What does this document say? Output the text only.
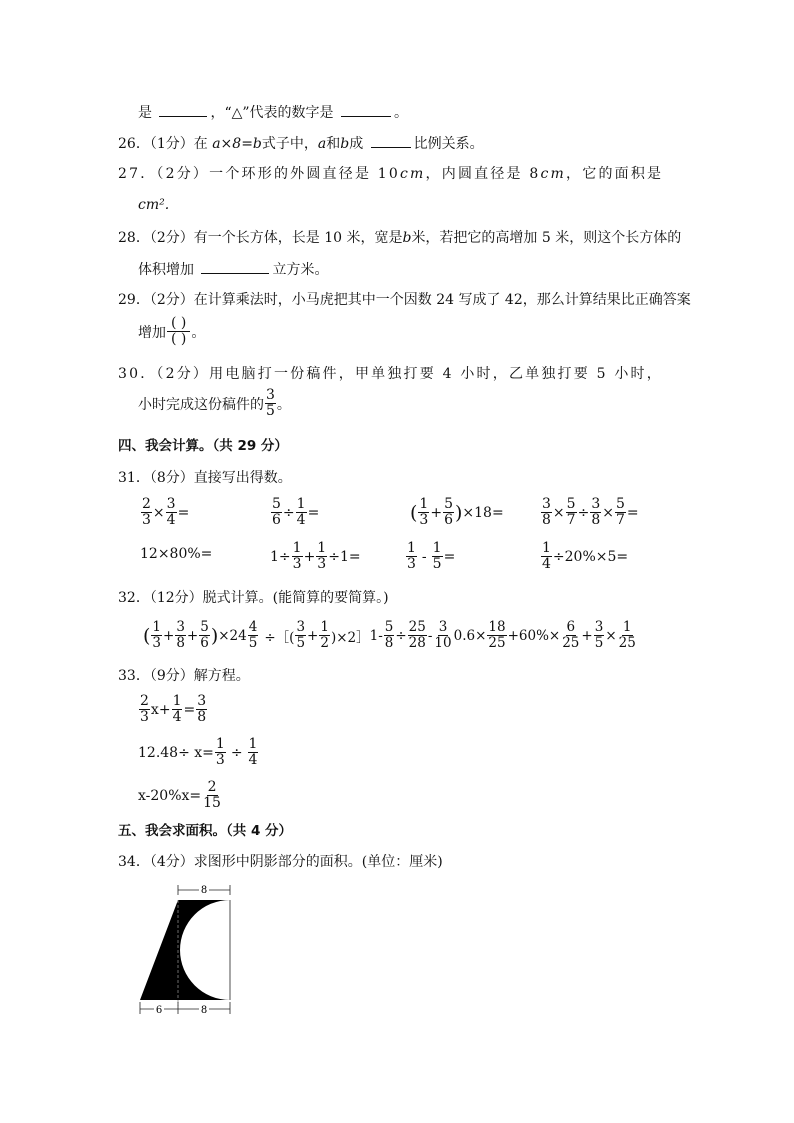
是	，“△”代表的数字是	。
26．（1分）在 a×8=b式子中，a和b成	比例关系。
27．（2分）一个环形的外圆直径是 10cm，内圆直径是 8cm，它的面积是
cm².
28．（2分）有一个长方体，长是 10 米，宽是b米，若把它的高增加 5 米，则这个长方体的
体积增加	立方米。
29．（2分）在计算乘法时，小马虎把其中一个因数 24 写成了 42，那么计算结果比正确答案
增加 $\frac{( )}{( )}$ 。
30．（2分）用电脑打一份稿件，甲单独打要 4 小时，乙单独打要 5 小时，
小时完成这份稿件的 $\frac{3}{5}$ 。
四、我会计算。（共 29 分）
31．（8分）直接写出得数。
$\frac{2}{3} \times \frac{3}{4}$ =	$\frac{5}{6} \div \frac{1}{4}$ =	( $\frac{1}{3} + \frac{5}{6}$ ) ×18=	$\frac{3}{8} \times \frac{5}{7} \div \frac{3}{8} \times \frac{5}{7}$ =
12×80%=	$1\div \frac{1}{3} + \frac{1}{3} \div 1=$	$\frac{1}{3} - \frac{1}{5}$ =	$\frac{1}{4} \div 20\%\times 5=$
32．（12分）脱式计算。(能简算的要简算。)
( $\frac{1}{3} + \frac{3}{8} + \frac{5}{6}$ ) $\times 24 \frac{4}{5}$ ÷［( $\frac{3}{5} + \frac{1}{2}$ )×2］ $1- \frac{5}{8} \div \frac{25}{28} - \frac{3}{10} 0.6\times \frac{18}{25} +60\%\times \frac{6}{25} + \frac{3}{5} \times \frac{1}{25}$
33．（9分）解方程。
$\frac{2}{3} x+ \frac{1}{4} = \frac{3}{8}$
$12.48\div x= \frac{1}{3} \div \frac{1}{4}$
$x-20\%x= \frac{2}{15}$
五、我会求面积。（共 4 分）
34．（4分）求图形中阴影部分的面积。(单位：厘米)
8
6	8
